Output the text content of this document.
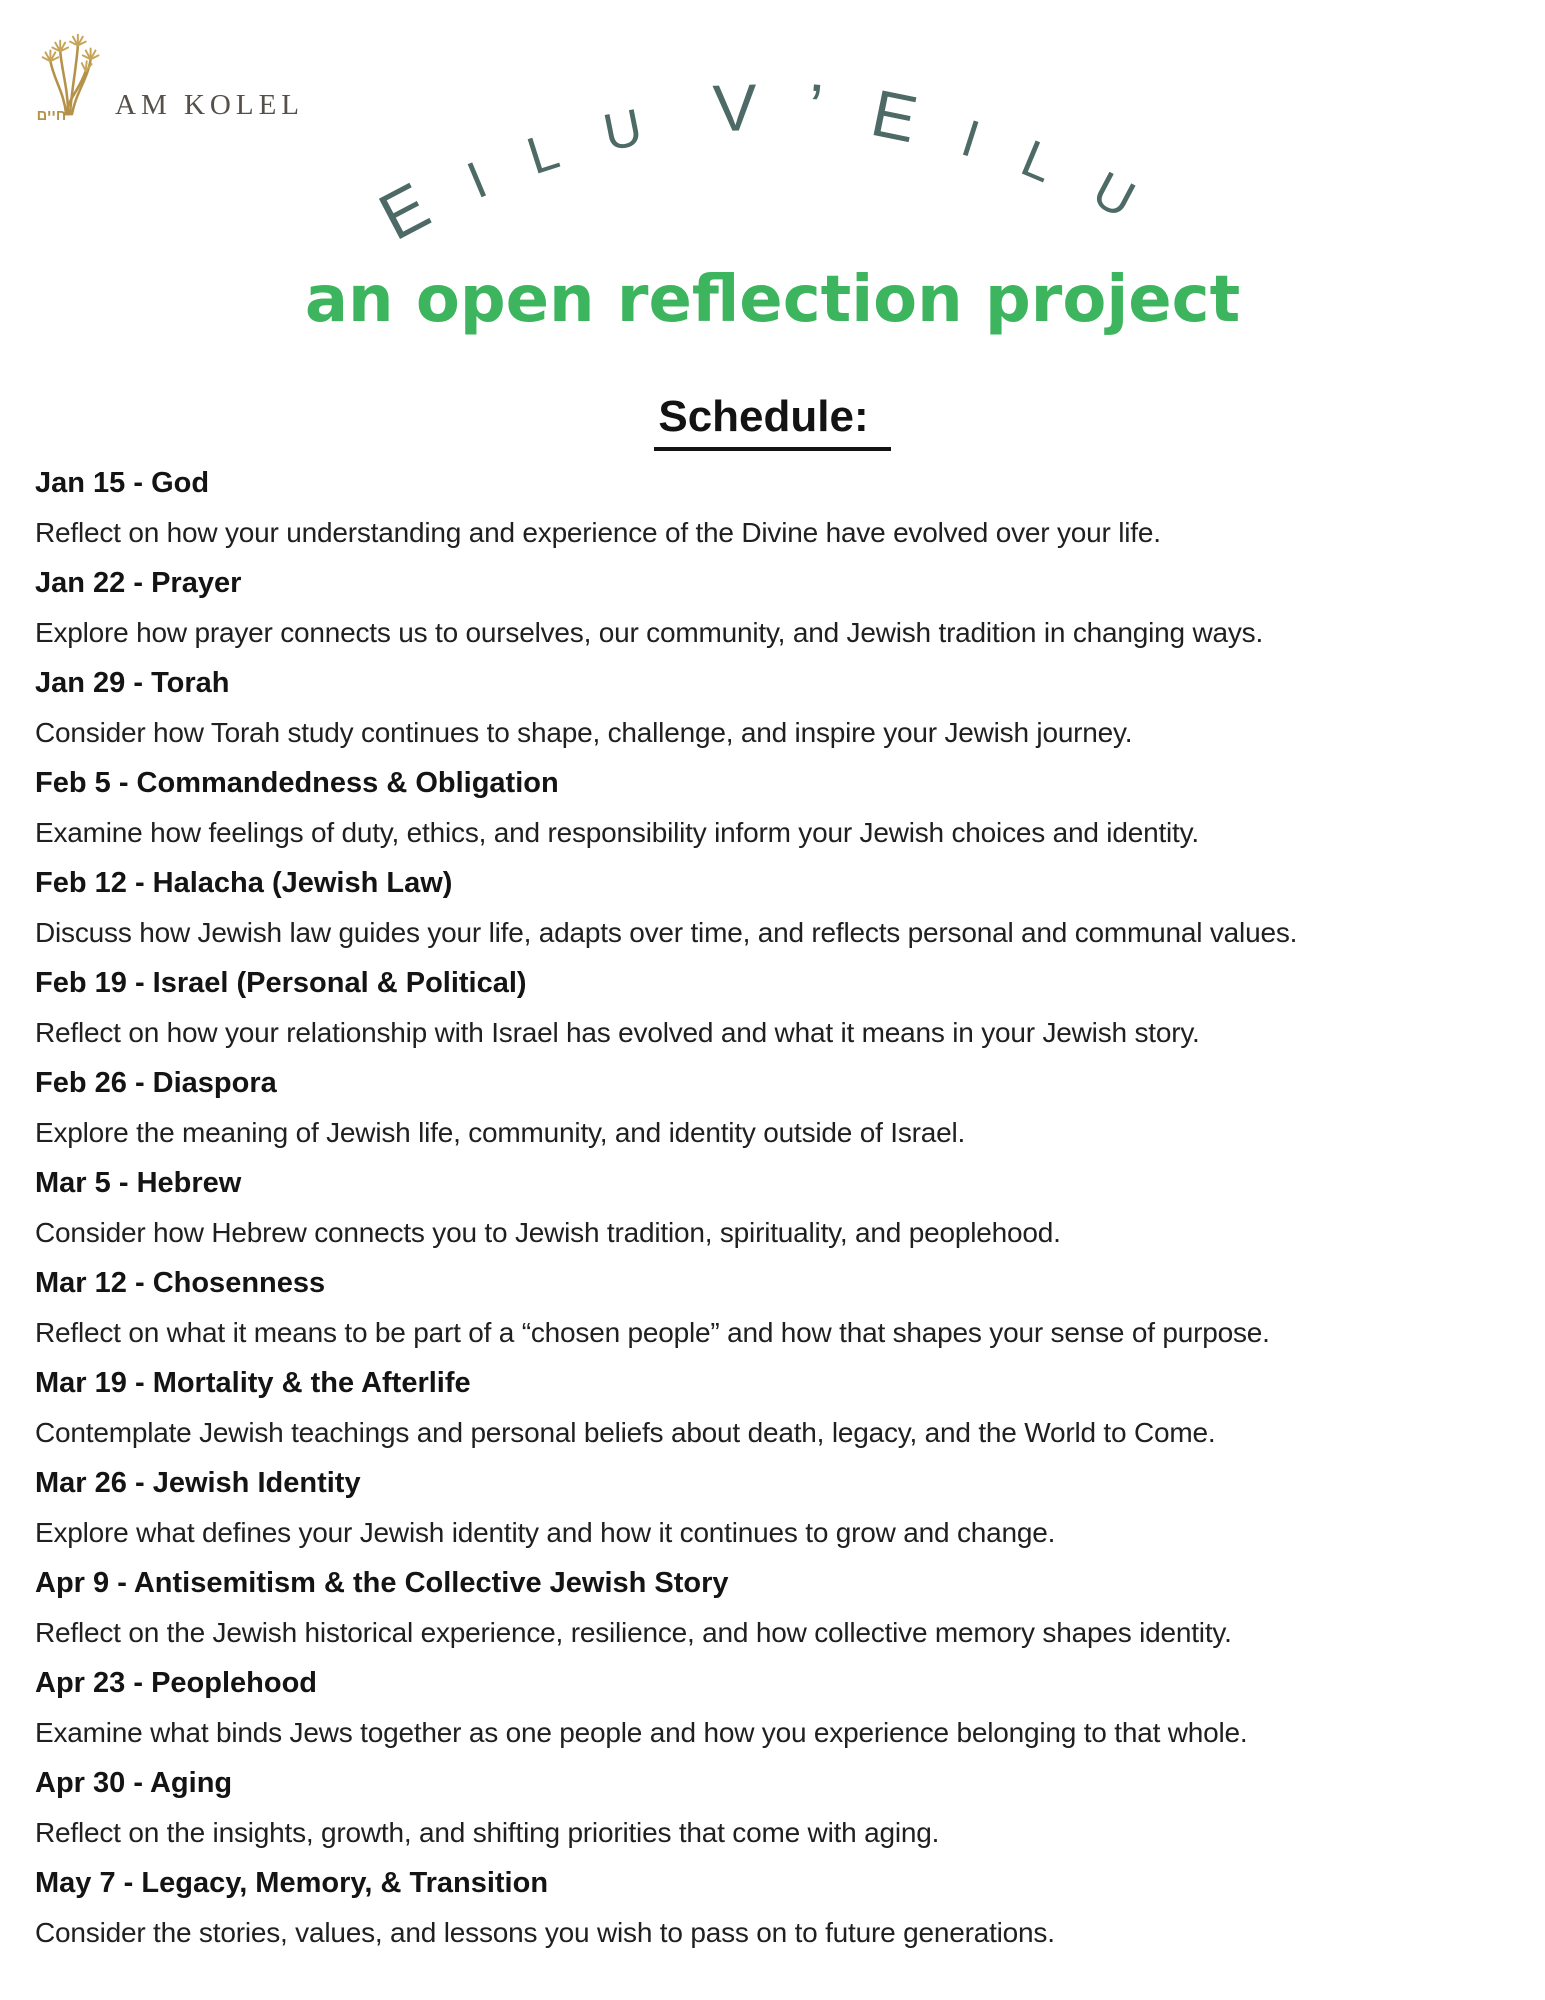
חיים AM KOLEL
EILU V’EILU
an open reflection project
Schedule:
Jan 15 - God
Reflect on how your understanding and experience of the Divine have evolved over your life.
Jan 22 - Prayer
Explore how prayer connects us to ourselves, our community, and Jewish tradition in changing ways.
Jan 29 - Torah
Consider how Torah study continues to shape, challenge, and inspire your Jewish journey.
Feb 5 - Commandedness & Obligation
Examine how feelings of duty, ethics, and responsibility inform your Jewish choices and identity.
Feb 12 - Halacha (Jewish Law)
Discuss how Jewish law guides your life, adapts over time, and reflects personal and communal values.
Feb 19 - Israel (Personal & Political)
Reflect on how your relationship with Israel has evolved and what it means in your Jewish story.
Feb 26 - Diaspora
Explore the meaning of Jewish life, community, and identity outside of Israel.
Mar 5 - Hebrew
Consider how Hebrew connects you to Jewish tradition, spirituality, and peoplehood.
Mar 12 - Chosenness
Reflect on what it means to be part of a “chosen people” and how that shapes your sense of purpose.
Mar 19 - Mortality & the Afterlife
Contemplate Jewish teachings and personal beliefs about death, legacy, and the World to Come.
Mar 26 - Jewish Identity
Explore what defines your Jewish identity and how it continues to grow and change.
Apr 9 - Antisemitism & the Collective Jewish Story
Reflect on the Jewish historical experience, resilience, and how collective memory shapes identity.
Apr 23 - Peoplehood
Examine what binds Jews together as one people and how you experience belonging to that whole.
Apr 30 - Aging
Reflect on the insights, growth, and shifting priorities that come with aging.
May 7 - Legacy, Memory, & Transition
Consider the stories, values, and lessons you wish to pass on to future generations.
